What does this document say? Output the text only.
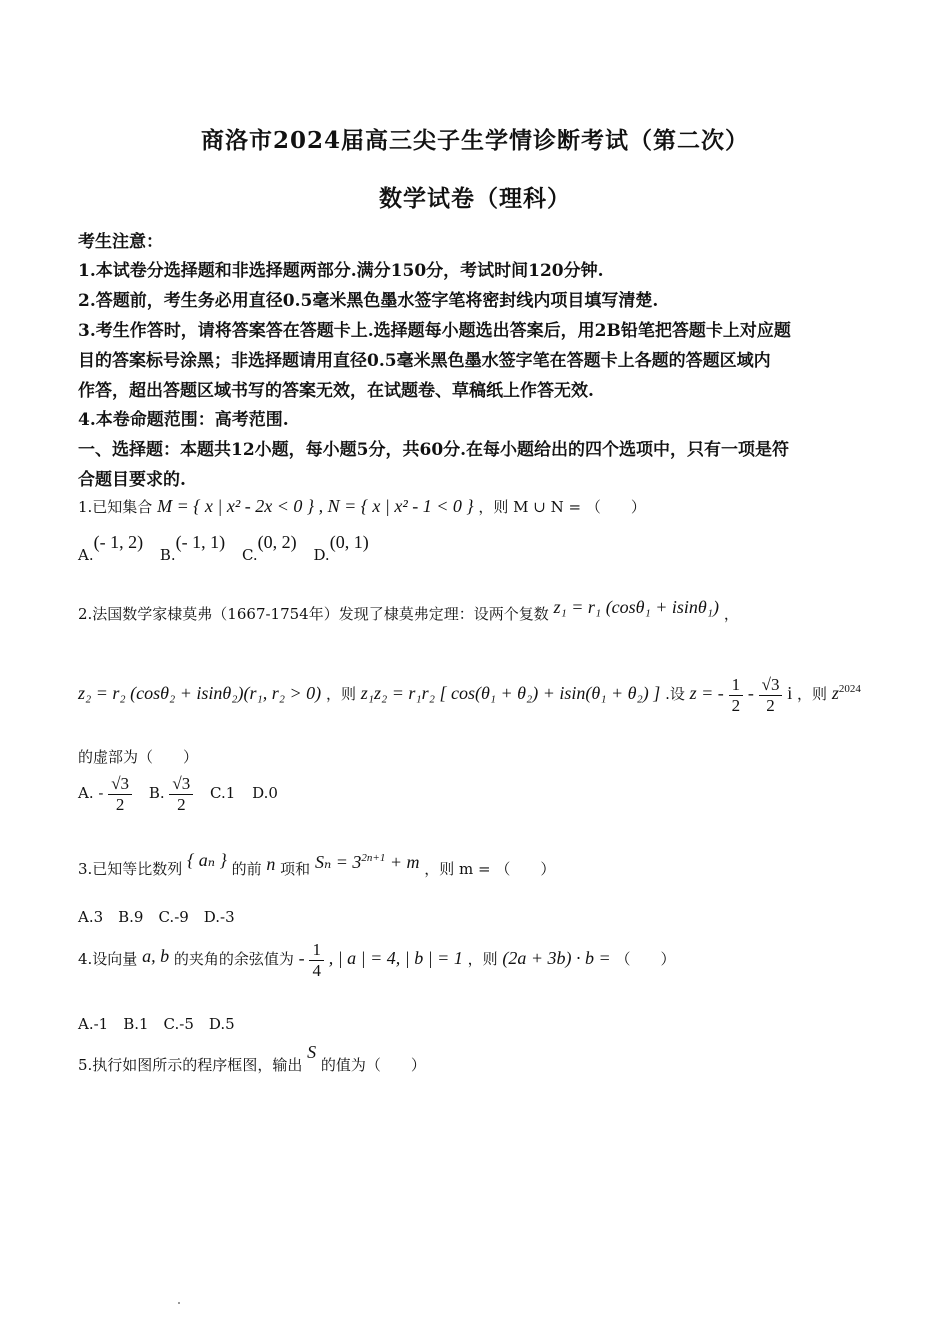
商洛市2024届高三尖子生学情诊断考试（第二次）
数学试卷（理科）
考生注意：
1.本试卷分选择题和非选择题两部分.满分150分，考试时间120分钟.
2.答题前，考生务必用直径0.5毫米黑色墨水签字笔将密封线内项目填写清楚.
3.考生作答时，请将答案答在答题卡上.选择题每小题选出答案后，用2B铅笔把答题卡上对应题
目的答案标号涂黑；非选择题请用直径0.5毫米黑色墨水签字笔在答题卡上各题的答题区域内
作答，超出答题区域书写的答案无效，在试题卷、草稿纸上作答无效.
4.本卷命题范围：高考范围.
一、选择题：本题共12小题，每小题5分，共60分.在每小题给出的四个选项中，只有一项是符
合题目要求的.
1.已知集合 M = { x | x² - 2x < 0 } , N = { x | x² - 1 < 0 } ，则 M ∪ N = （　　）
A.(- 1, 2) B.(- 1, 1) C.(0, 2) D.(0, 1)
2.法国数学家棣莫弗（1667-1754年）发现了棣莫弗定理：设两个复数 z₁ = r₁ (cosθ₁ + isinθ₁) ，
z₂ = r₂ (cosθ₂ + isinθ₂)(r₁, r₂ > 0) ，则 z₁z₂ = r₁r₂ [ cos(θ₁ + θ₂) + isin(θ₁ + θ₂) ] .设 z = - $\frac{1}{2} - \frac{√3}{2}$ i ，则 $z^{2024}$
的虚部为（　　）
A. - $\frac{√3}{2} B$. $\frac{√3}{2} C.1$ D.0
3.已知等比数列 { aₙ } 的前 n 项和 $S_n = 3^{2n+1} + m$ ，则 m = （　　）
A.3　B.9　C.-9　D.-3
4.设向量 a, b 的夹角的余弦值为 - $\frac{1}{4}$ , | a | = 4, | b | = 1 ，则 (2a + 3b) · b = （　　）
A.-1　B.1　C.-5　D.5
5.执行如图所示的程序框图，输出 S 的值为（　　）
